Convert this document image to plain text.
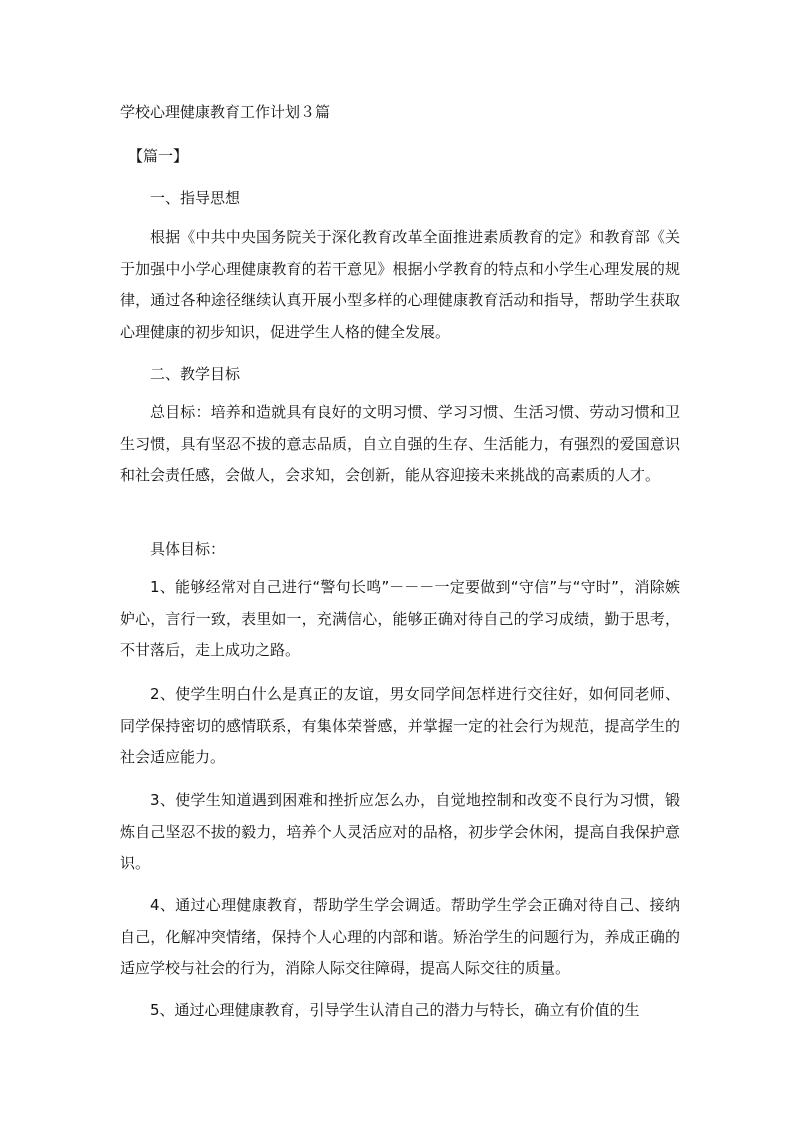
学校心理健康教育工作计划３篇
【篇一】
一、指导思想

根据《中共中央国务院关于深化教育改革全面推进素质教育的定》和教育部《关于加强中小学心理健康教育的若干意见》根据小学教育的特点和小学生心理发展的规律，通过各种途径继续认真开展小型多样的心理健康教育活动和指导，帮助学生获取心理健康的初步知识，促进学生人格的健全发展。

二、教学目标

总目标：培养和造就具有良好的文明习惯、学习习惯、生活习惯、劳动习惯和卫生习惯，具有坚忍不拔的意志品质，自立自强的生存、生活能力，有强烈的爱国意识和社会责任感，会做人，会求知，会创新，能从容迎接未来挑战的高素质的人才。

具体目标：

1、能够经常对自己进行“警句长鸣”－－－一定要做到“守信”与“守时”，消除嫉妒心，言行一致，表里如一，充满信心，能够正确对待自己的学习成绩，勤于思考，不甘落后，走上成功之路。

2、使学生明白什么是真正的友谊，男女同学间怎样进行交往好，如何同老师、同学保持密切的感情联系，有集体荣誉感，并掌握一定的社会行为规范，提高学生的社会适应能力。

3、使学生知道遇到困难和挫折应怎么办，自觉地控制和改变不良行为习惯，锻炼自己坚忍不拔的毅力，培养个人灵活应对的品格，初步学会休闲，提高自我保护意识。

4、通过心理健康教育，帮助学生学会调适。帮助学生学会正确对待自己、接纳自己，化解冲突情绪，保持个人心理的内部和谐。矫治学生的问题行为，养成正确的适应学校与社会的行为，消除人际交往障碍，提高人际交往的质量。

5、通过心理健康教育，引导学生认清自己的潜力与特长，确立有价值的生
